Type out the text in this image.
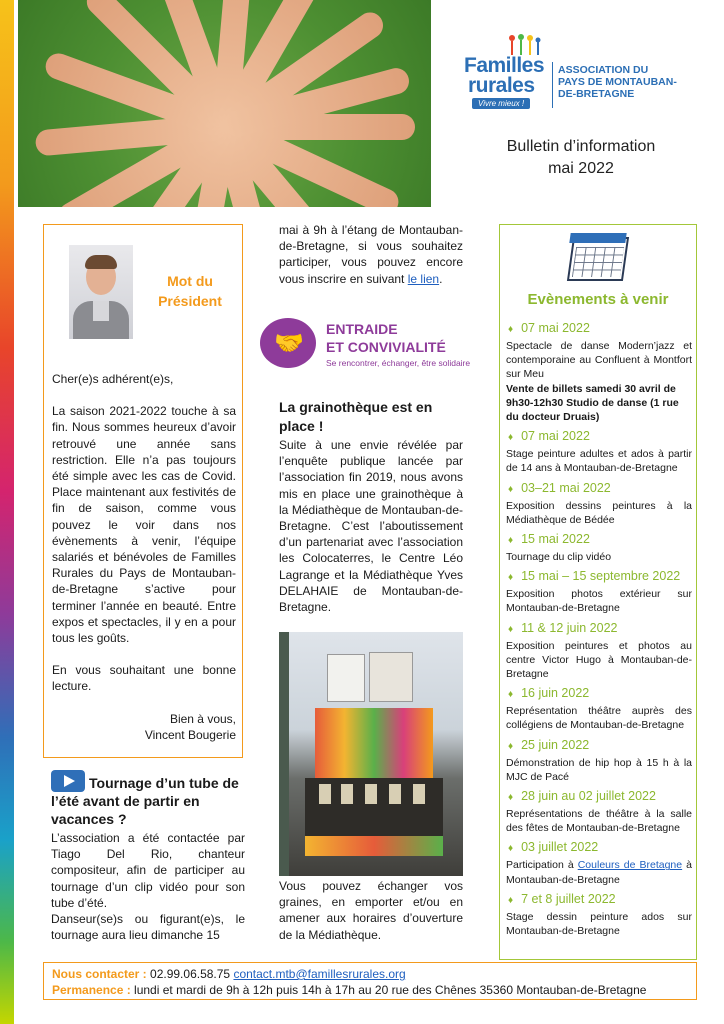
Familles
rurales
Vivre mieux !
ASSOCIATION DU
PAYS DE MONTAUBAN-
DE-BRETAGNE
Bulletin d’information
mai 2022
Mot du
Président

Cher(e)s adhérent(e)s,

La saison 2021-2022 touche à sa fin. Nous sommes heureux d’avoir retrouvé une année sans restriction. Elle n’a pas toujours été simple avec les cas de Covid. Place maintenant aux festivités de fin de saison, comme vous pouvez le voir dans nos évènements à venir, l’équipe salariés et bénévoles de Familles Rurales du Pays de Montauban-de-Bretagne s’active pour terminer l’année en beauté. Entre expos et spectacles, il y en a pour tous les goûts.

En vous souhaitant une bonne lecture.

Bien à vous,
Vincent Bougerie
Tournage d’un tube de l’été avant de partir en vacances ?
L’association a été contactée par Tiago Del Rio, chanteur compositeur, afin de participer au tournage d’un clip vidéo pour son tube d’été.
Danseur(se)s ou figurant(e)s, le tournage aura lieu dimanche 15
mai à 9h à l’étang de Montauban-de-Bretagne, si vous souhaitez participer, vous pouvez encore vous inscrire en suivant le lien.
🤝
ENTRAIDE
ET CONVIVIALITÉ
Se rencontrer, échanger, être solidaire
La grainothèque est en place !
Suite à une envie révélée par l’enquête publique lancée par l’association fin 2019, nous avons mis en place une grainothèque à la Médiathèque de Montauban-de-Bretagne. C’est l’aboutissement d’un partenariat avec l’association les Colocaterres, le Centre Léo Lagrange et la Médiathèque Yves DELAHAIE de Montauban-de-Bretagne.
Vous pouvez échanger vos graines, en emporter et/ou en amener aux horaires d’ouverture de la Médiathèque.
Evènements à venir
♦ 07 mai 2022
Spectacle de danse Modern’jazz et contemporaine au Confluent à Montfort sur Meu
Vente de billets samedi 30 avril de 9h30-12h30 Studio de danse (1 rue du docteur Druais)
♦ 07 mai 2022
Stage peinture adultes et ados à partir de 14 ans à Montauban-de-Bretagne
♦ 03–21 mai 2022
Exposition dessins peintures à la Médiathèque de Bédée
♦ 15 mai 2022
Tournage du clip vidéo
♦ 15 mai – 15 septembre 2022
Exposition photos extérieur sur Montauban-de-Bretagne
♦ 11 & 12 juin 2022
Exposition peintures et photos au centre Victor Hugo à Montauban-de-Bretagne
♦ 16 juin 2022
Représentation théâtre auprès des collégiens de Montauban-de-Bretagne
♦ 25 juin 2022
Démonstration de hip hop à 15 h à la MJC de Pacé
♦ 28 juin au 02 juillet 2022
Représentations de théâtre à la salle des fêtes de Montauban-de-Bretagne
♦ 03 juillet 2022
Participation à Couleurs de Bretagne à Montauban-de-Bretagne
♦ 7 et 8 juillet 2022
Stage dessin peinture ados sur Montauban-de-Bretagne
Nous contacter : 02.99.06.58.75 contact.mtb@famillesrurales.org
Permanence : lundi et mardi de 9h à 12h puis 14h à 17h au 20 rue des Chênes 35360 Montauban-de-Bretagne
